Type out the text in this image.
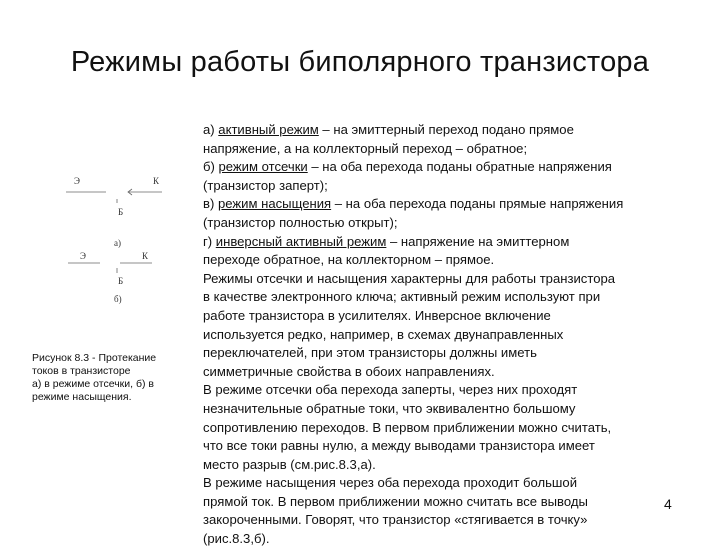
Режимы работы биполярного транзистора
Э	К
Б
а)
Э	К
Б
б)
Рисунок 8.3 - Протекание
токов в транзисторе
а) в режиме отсечки, б) в
режиме насыщения.

а) активный режим – на эмиттерный переход подано прямое

напряжение, а на коллекторный переход – обратное;

б) режим отсечки – на оба перехода поданы обратные напряжения

(транзистор заперт);

в) режим насыщения – на оба перехода поданы прямые напряжения

(транзистор полностью открыт);

г) инверсный активный режим – напряжение на эмиттерном

переходе обратное, на коллекторном – прямое.

Режимы отсечки и насыщения характерны для работы транзистора

в качестве электронного ключа; активный режим используют при

работе транзистора в усилителях. Инверсное включение

используется редко, например, в схемах двунаправленных

переключателей, при этом транзисторы должны иметь

симметричные свойства в обоих направлениях.

В режиме отсечки оба перехода заперты, через них проходят

незначительные обратные токи, что эквивалентно большому

сопротивлению переходов. В первом приближении можно считать,

что все токи равны нулю, а между выводами транзистора имеет

место разрыв (см.рис.8.3,а).

В режиме насыщения через оба перехода проходит большой

прямой ток. В первом приближении можно считать все выводы

закороченными. Говорят, что транзистор «стягивается в точку»

(рис.8.3,б).

4
